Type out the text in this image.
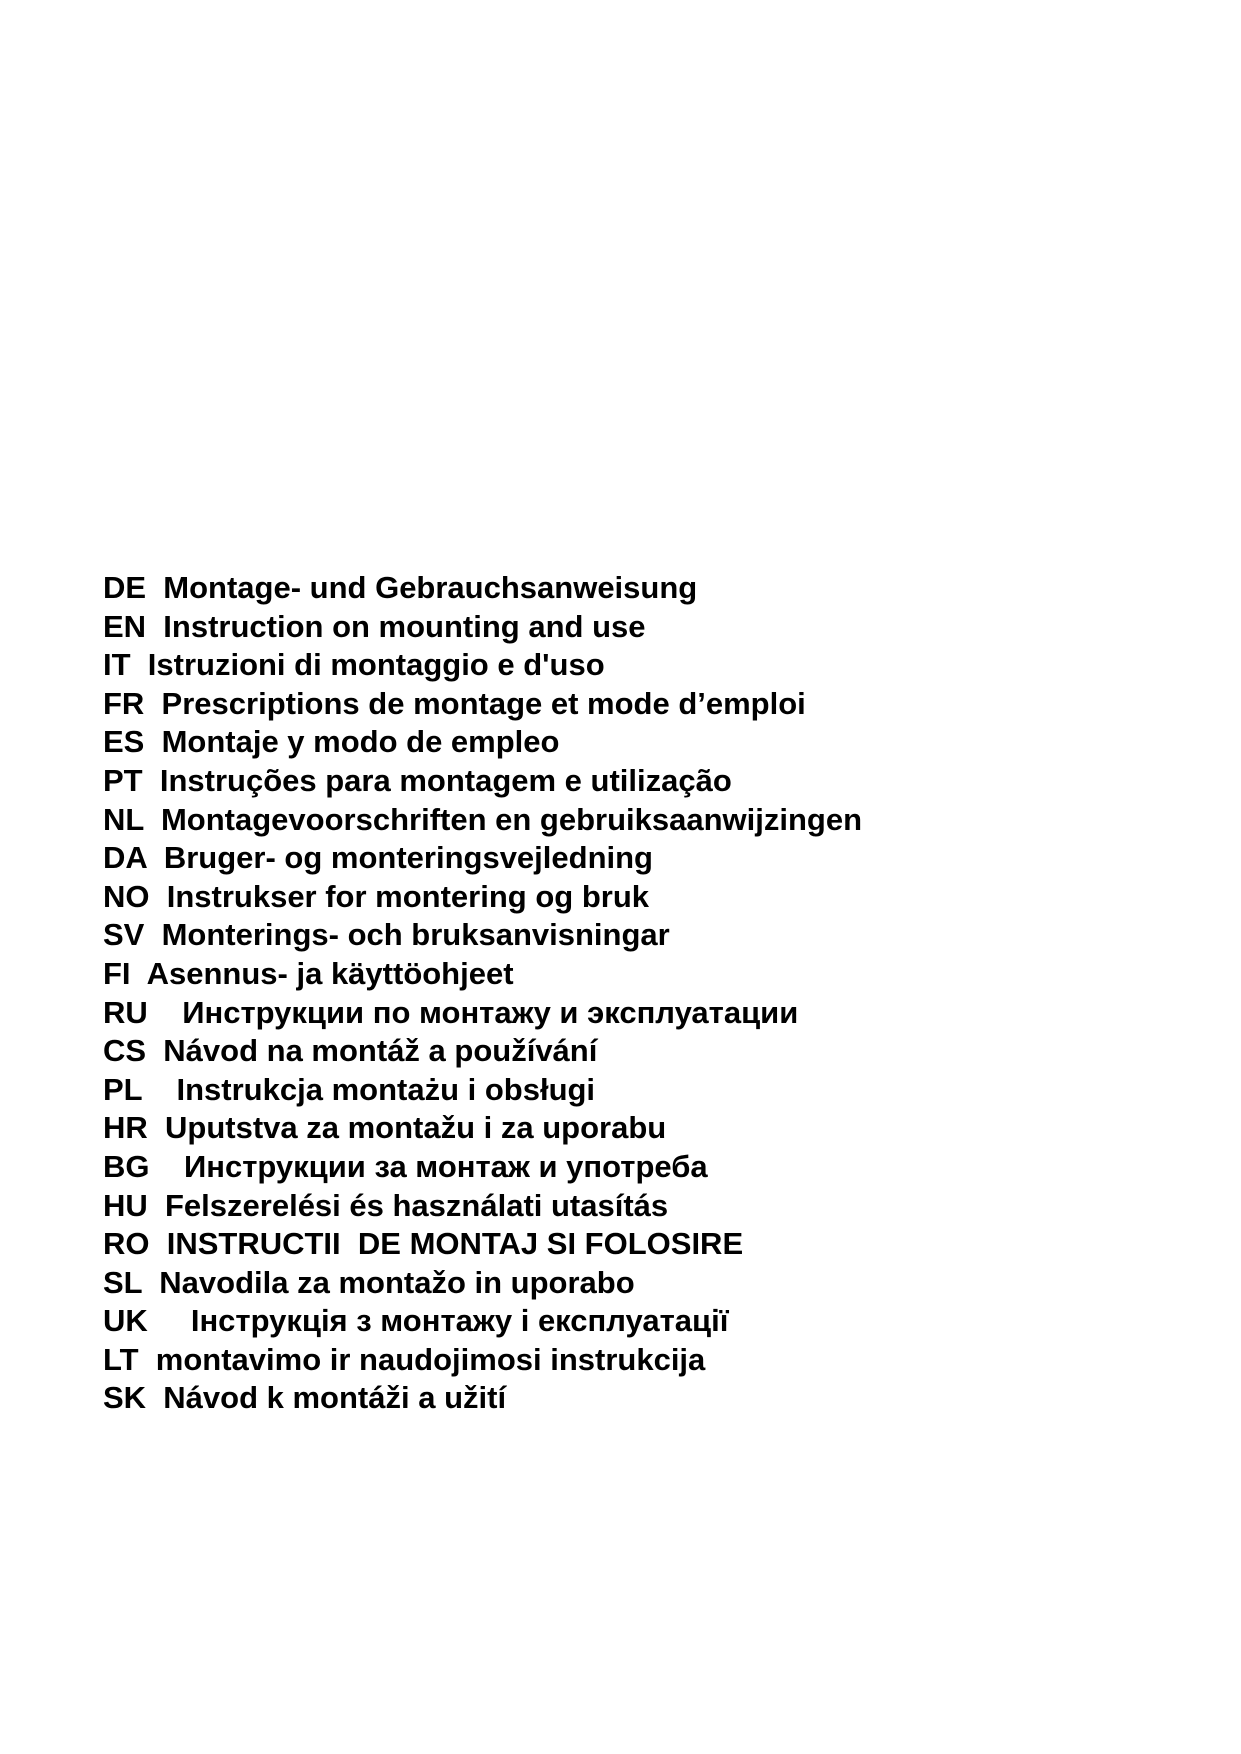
DE  Montage- und Gebrauchsanweisung
EN  Instruction on mounting and use
IT  Istruzioni di montaggio e d'uso
FR  Prescriptions de montage et mode d’emploi
ES  Montaje y modo de empleo
PT  Instruções para montagem e utilização
NL  Montagevoorschriften en gebruiksaanwijzingen
DA  Bruger- og monteringsvejledning
NO  Instrukser for montering og bruk
SV  Monterings- och bruksanvisningar
FI  Asennus- ja käyttöohjeet
RU    Инструкции по монтажу и эксплуатации
CS  Návod na montáž a používání
PL    Instrukcja montażu i obsługi
HR  Uputstva za montažu i za uporabu
BG    Инструкции за монтаж и употреба
HU  Felszerelési és használati utasítás
RO  INSTRUCTII  DE MONTAJ SI FOLOSIRE
SL  Navodila za montažo in uporabo
UK     Інструкція з монтажу і експлуатації
LT  montavimo ir naudojimosi instrukcija
SK  Návod k montáži a užití
